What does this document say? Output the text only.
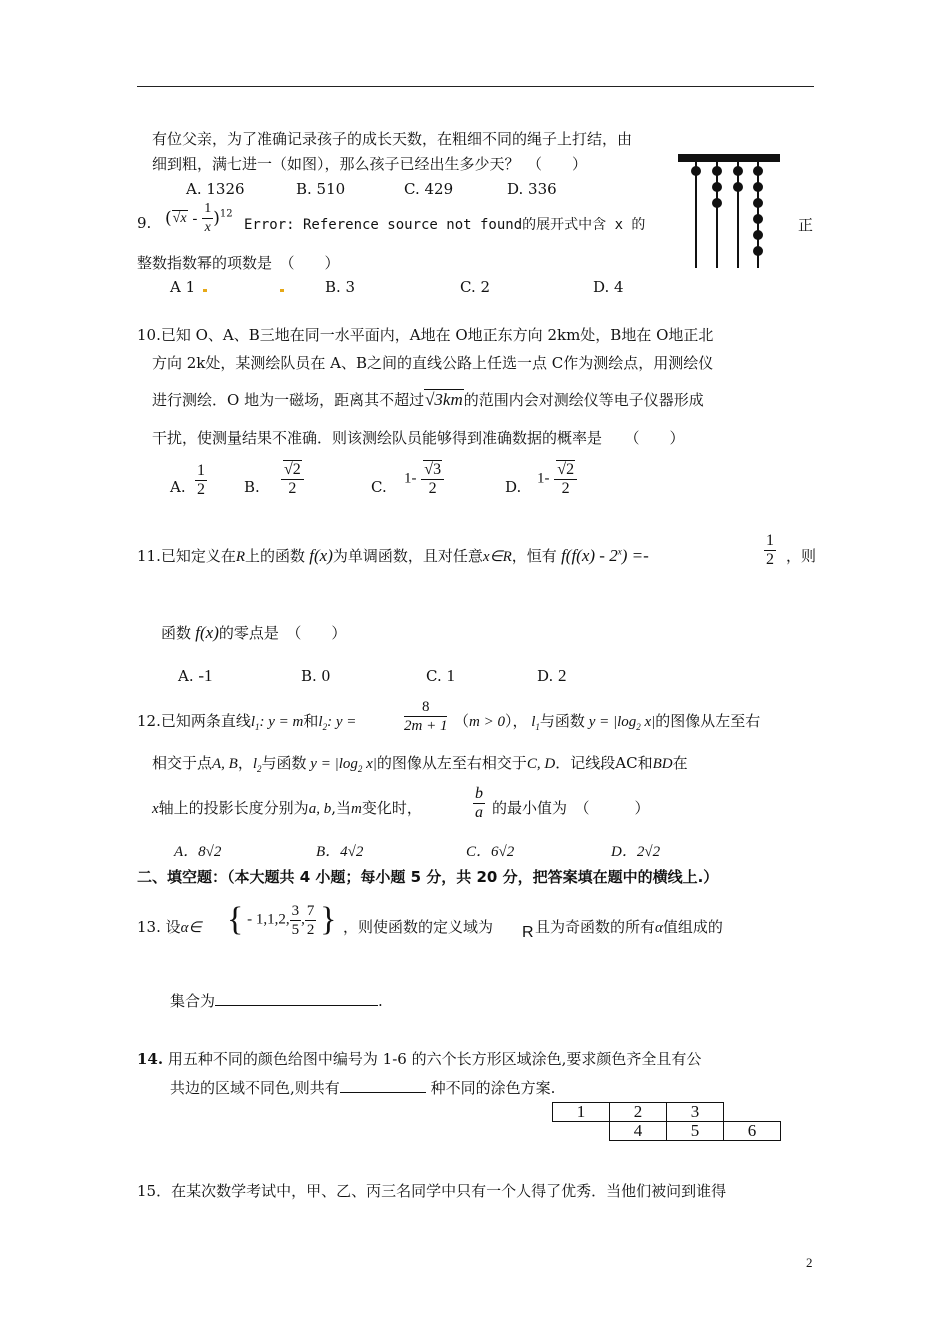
有位父亲，为了准确记录孩子的成长天数，在粗细不同的绳子上打结，由
细到粗，满七进一（如图），那么孩子已经出生多少天？　（　　）
A. 1326	B. 510	C. 429	D. 336
9. $(√x - \frac{1}{x} )^{12}$
Error: Reference source not found的展开式中含 x 的	正
整数指数幂的项数是　（　　）
A 1	B. 3	C. 2	D. 4
10.已知 O、A、B三地在同一水平面内，A地在 O地正东方向 2km处，B地在 O地正北
方向 2k处，某测绘队员在 A、B之间的直线公路上任选一点 C作为测绘点，用测绘仪
进行测绘．O 地为一磁场，距离其不超过√3km的范围内会对测绘仪等电子仪器形成
干扰，使测量结果不准确．则该测绘队员能够得到准确数据的概率是　　（　　）
A. $\frac{1}{2} B$. $\frac{√2}{2}$	C. $1- \frac{√3}{2}$	D. $1- \frac{√2}{2}$
11.已知定义在R上的函数 f(x)为单调函数，且对任意x∈R，恒有 $f(f(x) - 2^x)$ =-	$\frac{1}{2}$ ，则
函数 f(x)的零点是　（　　）
A. -1	B. 0	C. 1	D. 2
12.已知两条直线$l_1$: y = m和$l_2$: y =	$\frac{8}{2m + 1} (m > 0)$， $l_1$与函数 $y = |\log_2$ x|的图像从左至右
相交于点A, B，$l_2$与函数 $y = |\log_2$ x|的图像从左至右相交于C, D．记线段AC和BD在
x轴上的投影长度分别为a, b,当m变化时，	$\frac{b}{a}$ 的最小值为　（　　　）
A．8√2	B．4√2	C．6√2	D．2√2
二、填空题：（本大题共 4 小题；每小题 5 分，共 20 分，把答案填在题中的横线上.）
13. 设α∈ { - 1,1,2, $\frac{3}{5}$ , $\frac{7}{2}$ } ，则使函数的定义域为 R 且为奇函数的所有α值组成的
集合为	.
14. 用五种不同的颜色给图中编号为 1-6 的六个长方形区域涂色,要求颜色齐全且有公
共边的区域不同色,则共有	种不同的涂色方案.
1	2	3	
	4	5	6
15．在某次数学考试中，甲、乙、丙三名同学中只有一个人得了优秀．当他们被问到谁得
2
